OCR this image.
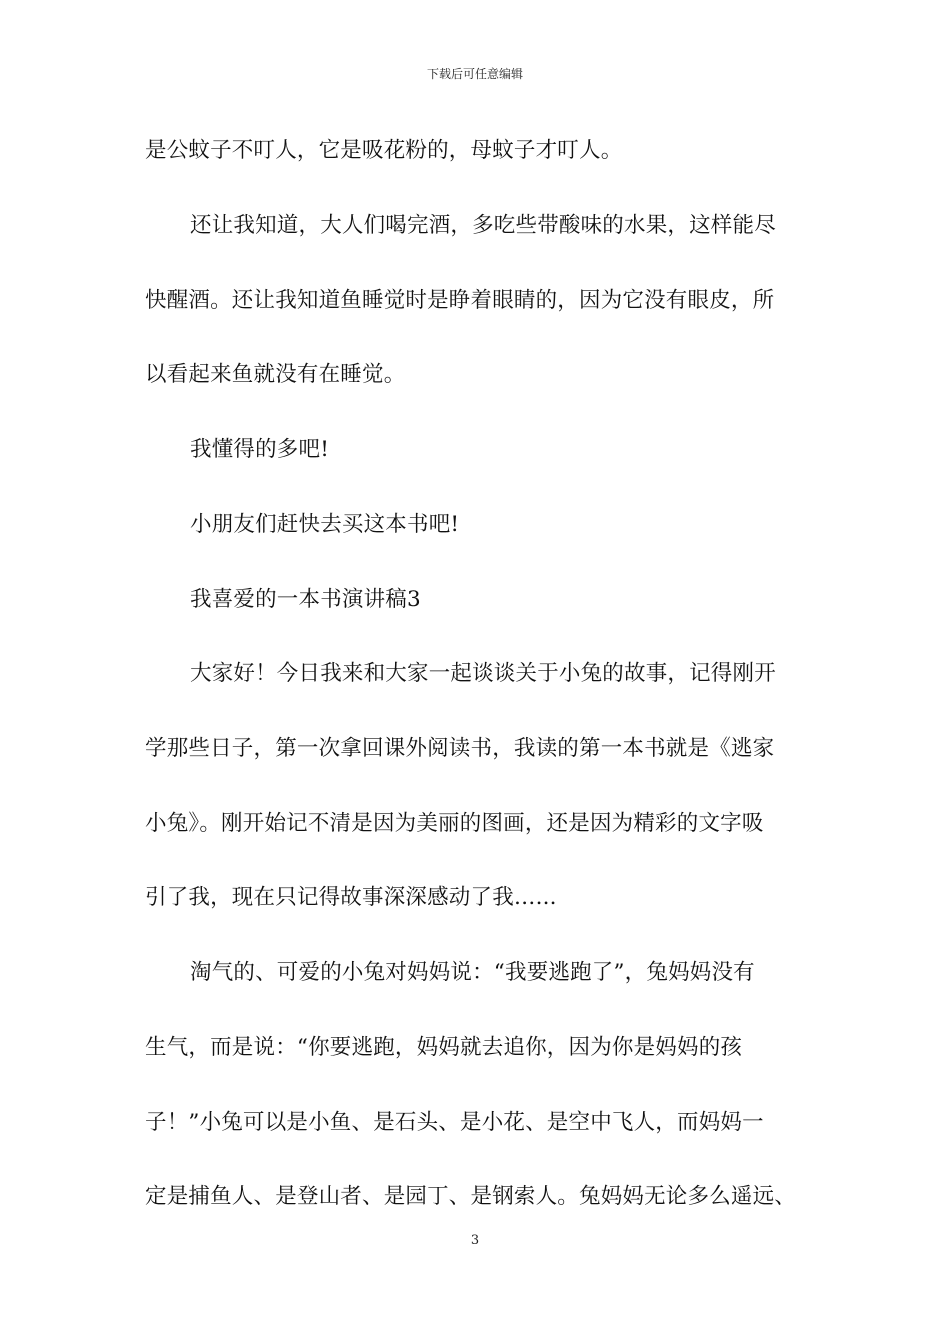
下载后可任意编辑
是公蚊子不叮人，它是吸花粉的，母蚊子才叮人。
还让我知道，大人们喝完酒，多吃些带酸味的水果，这样能尽
快醒酒。还让我知道鱼睡觉时是睁着眼睛的，因为它没有眼皮，所
以看起来鱼就没有在睡觉。
我懂得的多吧!
小朋友们赶快去买这本书吧!
我喜爱的一本书演讲稿3
大家好！今日我来和大家一起谈谈关于小兔的故事，记得刚开
学那些日子，第一次拿回课外阅读书，我读的第一本书就是《逃家
小兔》。刚开始记不清是因为美丽的图画，还是因为精彩的文字吸
引了我，现在只记得故事深深感动了我…...
淘气的、可爱的小兔对妈妈说：“我要逃跑了”，兔妈妈没有
生气，而是说：“你要逃跑，妈妈就去追你，因为你是妈妈的孩
子！”小兔可以是小鱼、是石头、是小花、是空中飞人，而妈妈一
定是捕鱼人、是登山者、是园丁、是钢索人。兔妈妈无论多么遥远、
3
